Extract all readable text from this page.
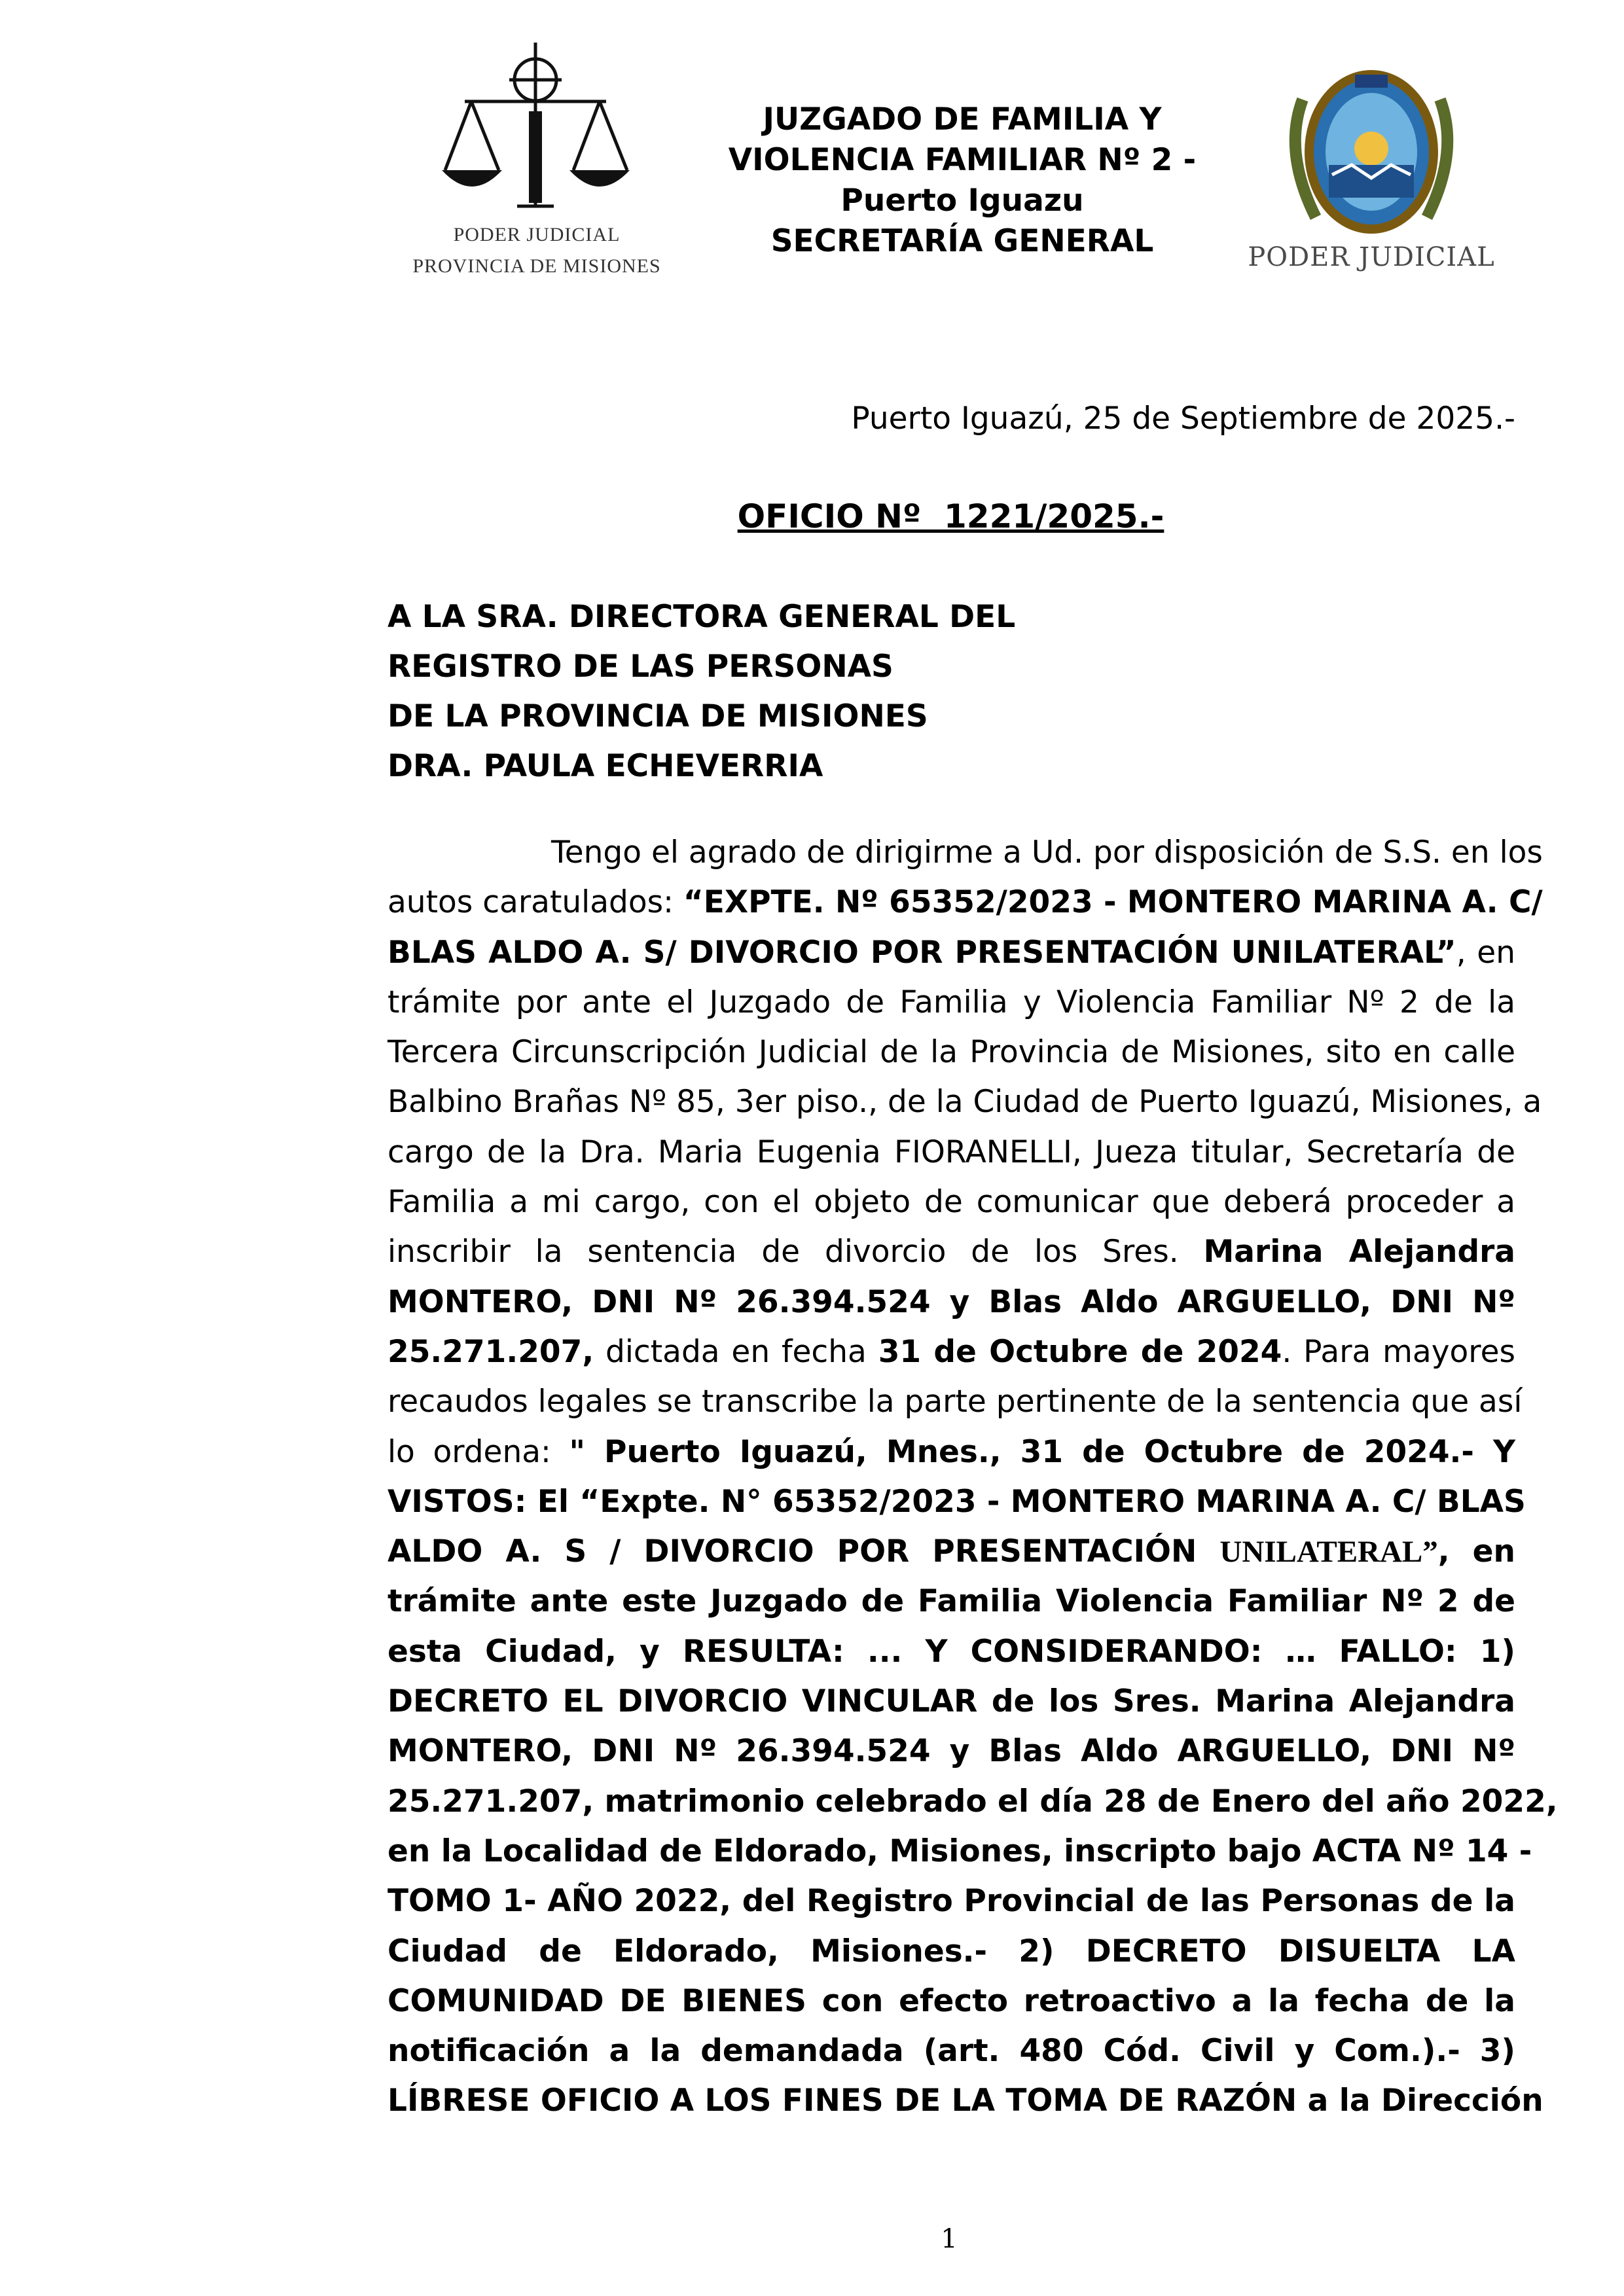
PODER JUDICIAL
PROVINCIA DE MISIONES
JUZGADO DE FAMILIA Y
VIOLENCIA FAMILIAR Nº 2 -
Puerto Iguazu
SECRETARÍA GENERAL	PODER JUDICIAL
Puerto Iguazú, 25 de Septiembre de 2025.-
OFICIO Nº  1221/2025.-
A LA SRA. DIRECTORA GENERAL DEL
REGISTRO DE LAS PERSONAS
DE LA PROVINCIA DE MISIONES
DRA. PAULA ECHEVERRIA
Tengo el agrado de dirigirme a Ud. por disposición de S.S. en los
autos caratulados: “EXPTE. Nº 65352/2023 - MONTERO MARINA A. C/
BLAS ALDO A. S/ DIVORCIO POR PRESENTACIÓN UNILATERAL”, en
trámite por ante el Juzgado de Familia y Violencia Familiar Nº 2 de la
Tercera Circunscripción Judicial de la Provincia de Misiones, sito en calle
Balbino Brañas Nº 85, 3er piso., de la Ciudad de Puerto Iguazú, Misiones, a
cargo de la Dra. Maria Eugenia FIORANELLI, Jueza titular, Secretaría de
Familia a mi cargo, con el objeto de comunicar que deberá proceder a
inscribir la sentencia de divorcio de los Sres. Marina Alejandra
MONTERO, DNI Nº 26.394.524 y Blas Aldo ARGUELLO, DNI Nº
25.271.207, dictada en fecha 31 de Octubre de 2024. Para mayores
recaudos legales se transcribe la parte pertinente de la sentencia que así
lo ordena: " Puerto Iguazú, Mnes., 31 de Octubre de 2024.- Y
VISTOS: El “Expte. N° 65352/2023 - MONTERO MARINA A. C/ BLAS
ALDO A. S / DIVORCIO POR PRESENTACIÓN UNILATERAL”, en
trámite ante este Juzgado de Familia Violencia Familiar Nº 2 de
esta Ciudad, y RESULTA: ... Y CONSIDERANDO: … FALLO: 1)
DECRETO EL DIVORCIO VINCULAR de los Sres. Marina Alejandra
MONTERO, DNI Nº 26.394.524 y Blas Aldo ARGUELLO, DNI Nº
25.271.207, matrimonio celebrado el día 28 de Enero del año 2022,
en la Localidad de Eldorado, Misiones, inscripto bajo ACTA Nº 14 -
TOMO 1- AÑO 2022, del Registro Provincial de las Personas de la
Ciudad de Eldorado, Misiones.- 2) DECRETO DISUELTA LA
COMUNIDAD DE BIENES con efecto retroactivo a la fecha de la
notificación a la demandada (art. 480 Cód. Civil y Com.).- 3)
LÍBRESE OFICIO A LOS FINES DE LA TOMA DE RAZÓN a la Dirección
1
